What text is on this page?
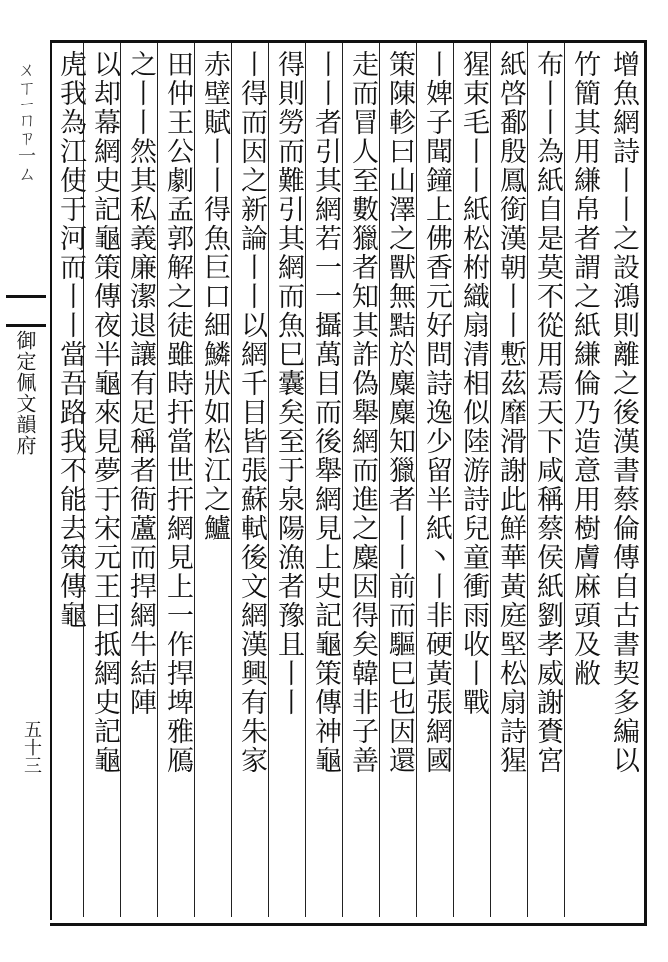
ㄨㄒㄧㄇㄗ一ㄙ
御定佩文韻府
五十三	增魚網詩丨丨之設鴻則離之後漢書蔡倫傳自古書契多編以
竹簡其用縑帛者謂之紙縑倫乃造意用樹膚麻頭及敝
布丨丨為紙自是莫不從用焉天下咸稱蔡侯紙劉孝威謝賚宮
紙啓鄱殷鳳銜漢朝丨丨慙茲靡滑謝此鮮華黃庭堅松扇詩猩
猩束毛丨丨紙松柎織扇清相似陸游詩兒童衝雨收丨戰
丨婢子聞鐘上佛香元好問詩逸少留半紙丶丨非硬黃張網國
策陳軫曰山澤之獸無黠於麋麋知獵者丨丨前而驅巳也因還
走而冒人至數獵者知其詐偽舉網而進之麋因得矣韓非子善
丨丨者引其網若一一攝萬目而後舉網見上史記龜策傳神龜
得則勞而難引其網而魚巳囊矣至于泉陽漁者豫且丨丨
丨得而因之新論丨丨以網千目皆張蘇軾後文網漢興有朱家
赤壁賦丨丨得魚巨口細鱗狀如松江之鱸
田仲王公劇孟郭解之徒雖時扞當世扞網見上一作捍埤雅鴈
之丨丨然其私義廉潔退讓有足稱者衙蘆而捍網牛結陣
以却幕網史記龜策傳夜半龜來見夢于宋元王曰抵網史記龜
虎我為江使于河而丨丨當吾路我不能去策傳龜
